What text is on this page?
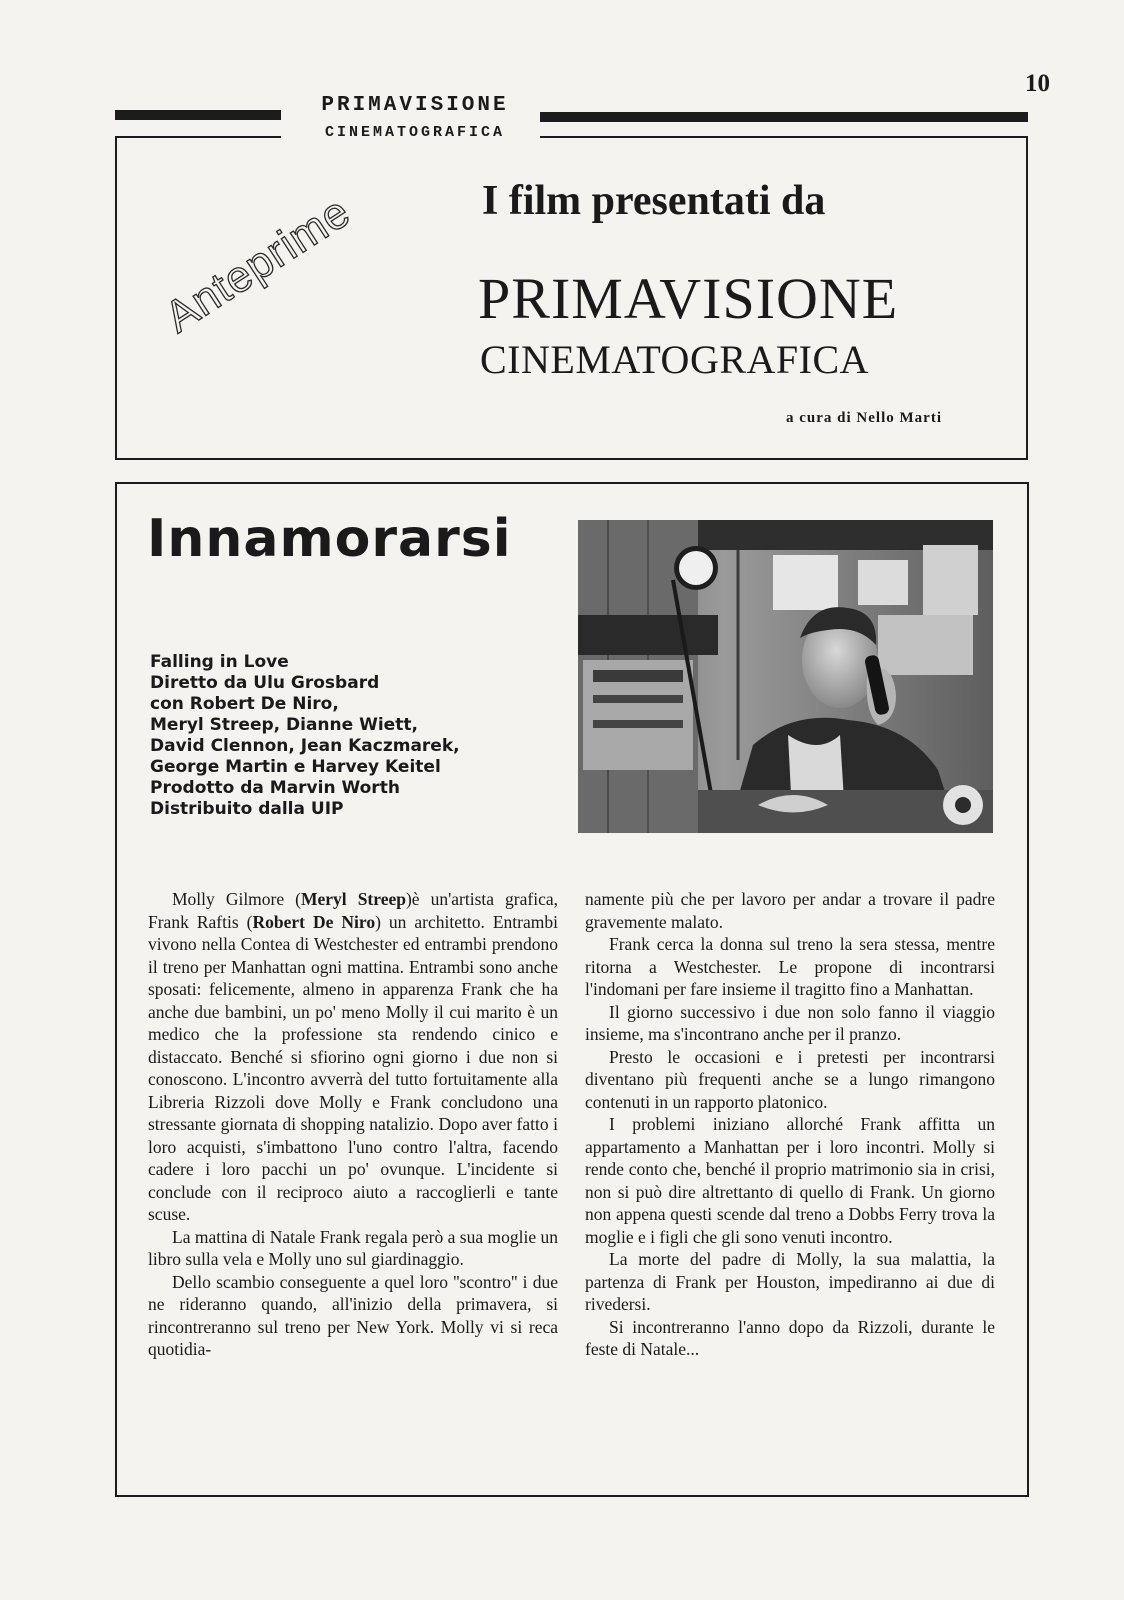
10
PRIMAVISIONE
CINEMATOGRAFICA
Anteprime	I film presentati da
PRIMAVISIONE
CINEMATOGRAFICA
a cura di Nello Marti
Innamorarsi
Falling in Love
Diretto da Ulu Grosbard
con Robert De Niro,
Meryl Streep, Dianne Wiett,
David Clennon, Jean Kaczmarek,
George Martin e Harvey Keitel
Prodotto da Marvin Worth
Distribuito dalla UIP

Molly Gilmore (Meryl Streep)è un'artista grafica, Frank Raftis (Robert De Niro) un architetto. Entrambi vivono nella Contea di Westchester ed entrambi prendono il treno per Manhattan ogni mattina. Entrambi sono anche sposati: felicemente, almeno in apparenza Frank che ha anche due bambini, un po' meno Molly il cui marito è un medico che la professione sta rendendo cinico e distaccato. Benché si sfiorino ogni giorno i due non si conoscono. L'incontro avverrà del tutto fortuitamente alla Libreria Rizzoli dove Molly e Frank concludono una stressante giornata di shopping natalizio. Dopo aver fatto i loro acquisti, s'imbattono l'uno contro l'altra, facendo cadere i loro pacchi un po' ovunque. L'incidente si conclude con il reciproco aiuto a raccoglierli e tante scuse.

La mattina di Natale Frank regala però a sua moglie un libro sulla vela e Molly uno sul giardinaggio.

Dello scambio conseguente a quel loro ''scontro'' i due ne rideranno quando, all'inizio della primavera, si rincontreranno sul treno per New York. Molly vi si reca quotidia-

namente più che per lavoro per andar a trovare il padre gravemente malato.

Frank cerca la donna sul treno la sera stessa, mentre ritorna a Westchester. Le propone di incontrarsi l'indomani per fare insieme il tragitto fino a Manhattan.

Il giorno successivo i due non solo fanno il viaggio insieme, ma s'incontrano anche per il pranzo.

Presto le occasioni e i pretesti per incontrarsi diventano più frequenti anche se a lungo rimangono contenuti in un rapporto platonico.

I problemi iniziano allorché Frank affitta un appartamento a Manhattan per i loro incontri. Molly si rende conto che, benché il proprio matrimonio sia in crisi, non si può dire altrettanto di quello di Frank. Un giorno non appena questi scende dal treno a Dobbs Ferry trova la moglie e i figli che gli sono venuti incontro.

La morte del padre di Molly, la sua malattia, la partenza di Frank per Houston, impediranno ai due di rivedersi.

Si incontreranno l'anno dopo da Rizzoli, durante le feste di Natale...
